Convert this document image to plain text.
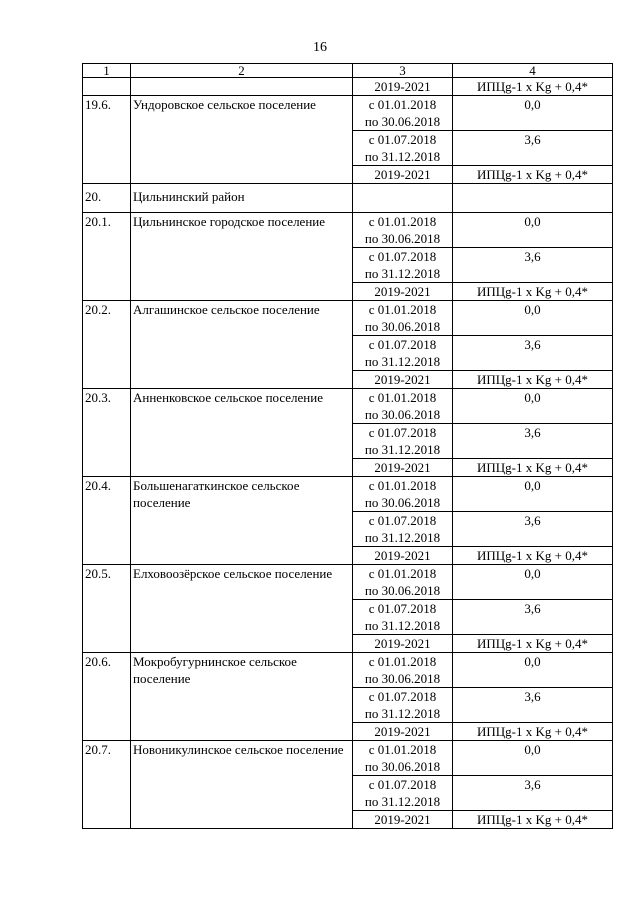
16
1	2	3	4
		2019-2021	ИПЦg-1 x Kg + 0,4*
19.6.	Ундоровское сельское поселение	с 01.01.2018
по 30.06.2018	0,0
		с 01.07.2018
по 31.12.2018	3,6
		2019-2021	ИПЦg-1 x Kg + 0,4*
20.	Цильнинский район		
20.1.	Цильнинское городское поселение	с 01.01.2018
по 30.06.2018	0,0
		с 01.07.2018
по 31.12.2018	3,6
		2019-2021	ИПЦg-1 x Kg + 0,4*
20.2.	Алгашинское сельское поселение	с 01.01.2018
по 30.06.2018	0,0
		с 01.07.2018
по 31.12.2018	3,6
		2019-2021	ИПЦg-1 x Kg + 0,4*
20.3.	Анненковское сельское поселение	с 01.01.2018
по 30.06.2018	0,0
		с 01.07.2018
по 31.12.2018	3,6
		2019-2021	ИПЦg-1 x Kg + 0,4*
20.4.	Большенагаткинское сельское поселение	с 01.01.2018
по 30.06.2018	0,0
		с 01.07.2018
по 31.12.2018	3,6
		2019-2021	ИПЦg-1 x Kg + 0,4*
20.5.	Елховоозёрское сельское поселение	с 01.01.2018
по 30.06.2018	0,0
		с 01.07.2018
по 31.12.2018	3,6
		2019-2021	ИПЦg-1 x Kg + 0,4*
20.6.	Мокробугурнинское сельское поселение	с 01.01.2018
по 30.06.2018	0,0
		с 01.07.2018
по 31.12.2018	3,6
		2019-2021	ИПЦg-1 x Kg + 0,4*
20.7.	Новоникулинское сельское поселение	с 01.01.2018
по 30.06.2018	0,0
		с 01.07.2018
по 31.12.2018	3,6
		2019-2021	ИПЦg-1 x Kg + 0,4*
